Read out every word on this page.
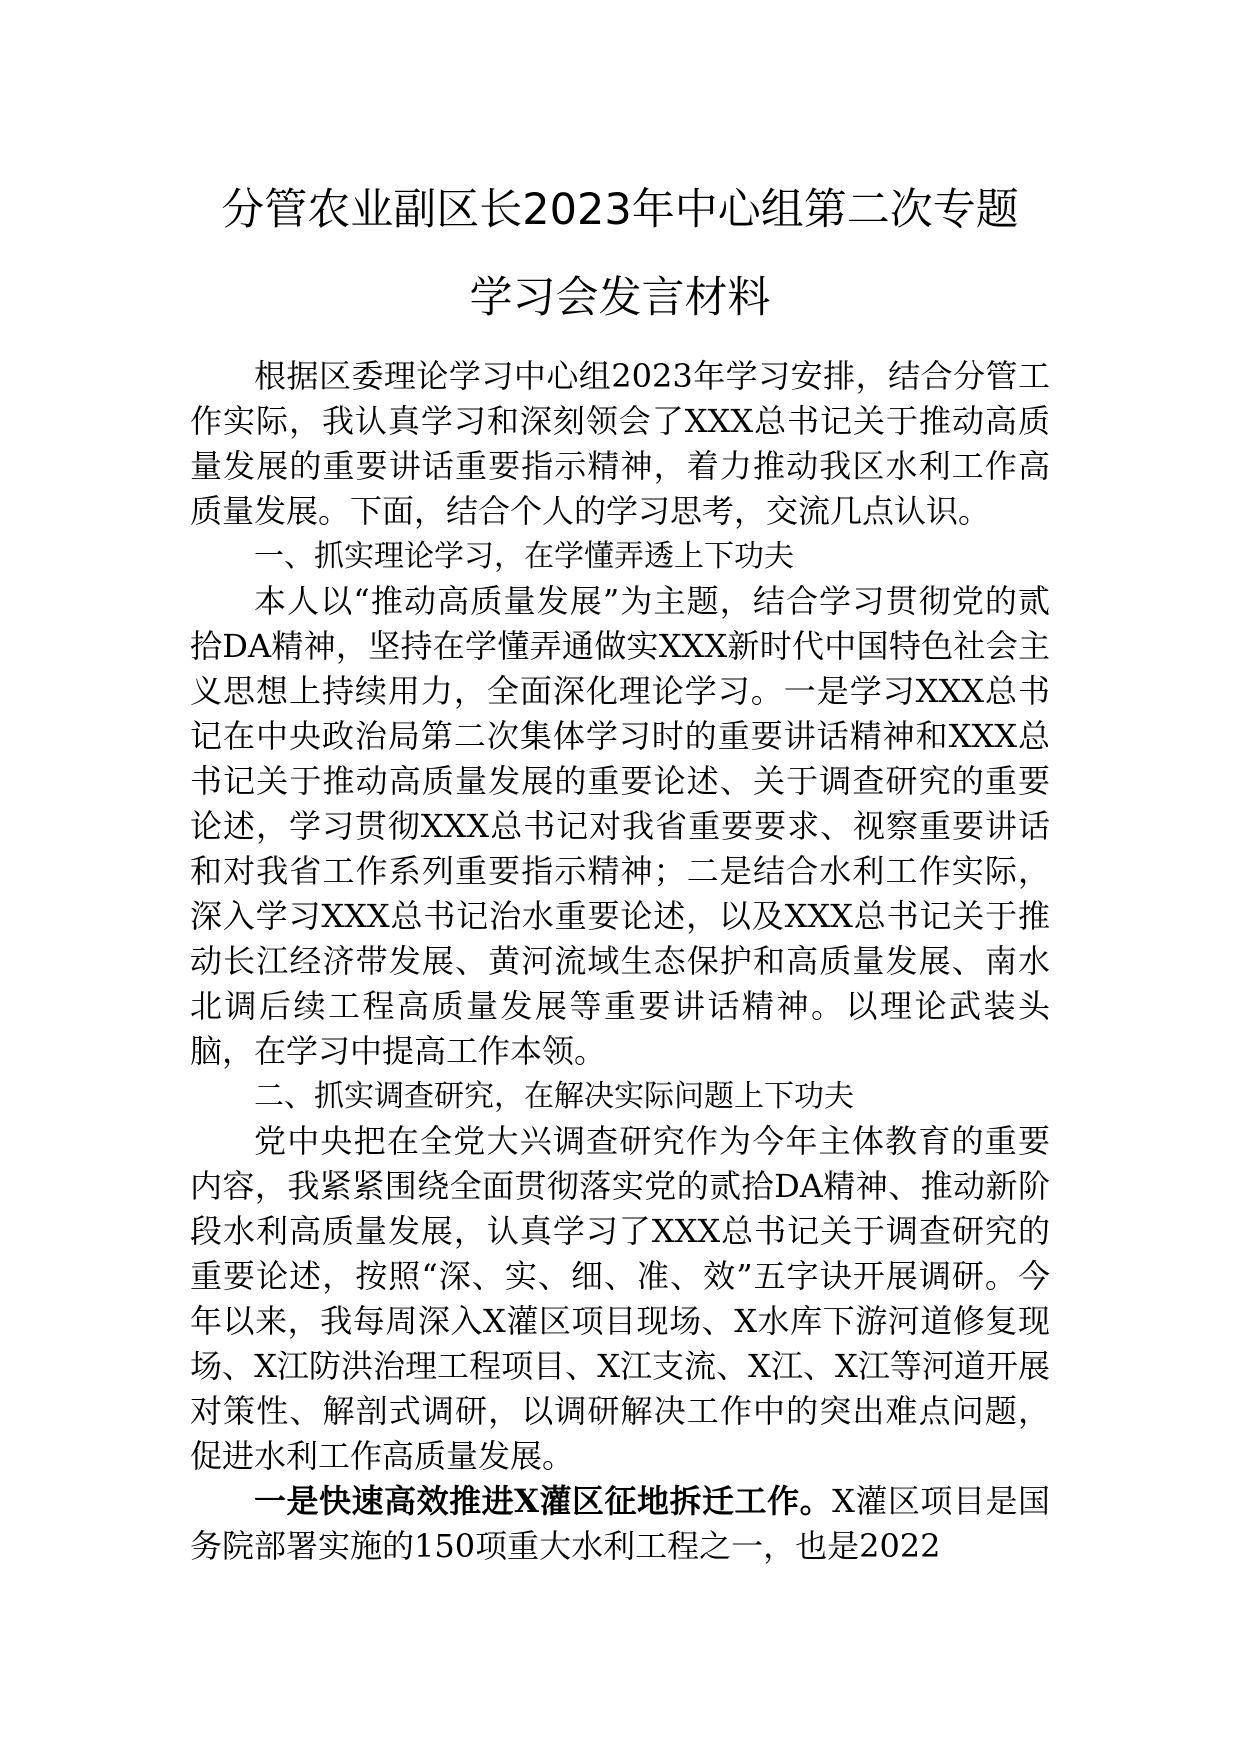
分管农业副区长2023年中心组第二次专题
学习会发言材料

根据区委理论学习中心组2023年学习安排，结合分管工作实际，我认真学习和深刻领会了XXX总书记关于推动高质量发展的重要讲话重要指示精神，着力推动我区水利工作高质量发展。下面，结合个人的学习思考，交流几点认识。

一、抓实理论学习，在学懂弄透上下功夫

本人以“推动高质量发展”为主题，结合学习贯彻党的贰拾DA精神，坚持在学懂弄通做实XXX新时代中国特色社会主义思想上持续用力，全面深化理论学习。一是学习XXX总书记在中央政治局第二次集体学习时的重要讲话精神和XXX总书记关于推动高质量发展的重要论述、关于调查研究的重要论述，学习贯彻XXX总书记对我省重要要求、视察重要讲话和对我省工作系列重要指示精神；二是结合水利工作实际，深入学习XXX总书记治水重要论述，以及XXX总书记关于推动长江经济带发展、黄河流域生态保护和高质量发展、南水北调后续工程高质量发展等重要讲话精神。以理论武装头脑，在学习中提高工作本领。

二、抓实调查研究，在解决实际问题上下功夫

党中央把在全党大兴调查研究作为今年主体教育的重要内容，我紧紧围绕全面贯彻落实党的贰拾DA精神、推动新阶段水利高质量发展，认真学习了XXX总书记关于调查研究的重要论述，按照“深、实、细、准、效”五字诀开展调研。今年以来，我每周深入X灌区项目现场、X水库下游河道修复现场、X江防洪治理工程项目、X江支流、X江、X江等河道开展对策性、解剖式调研，以调研解决工作中的突出难点问题，促进水利工作高质量发展。

一是快速高效推进X灌区征地拆迁工作。X灌区项目是国务院部署实施的150项重大水利工程之一，也是2022
